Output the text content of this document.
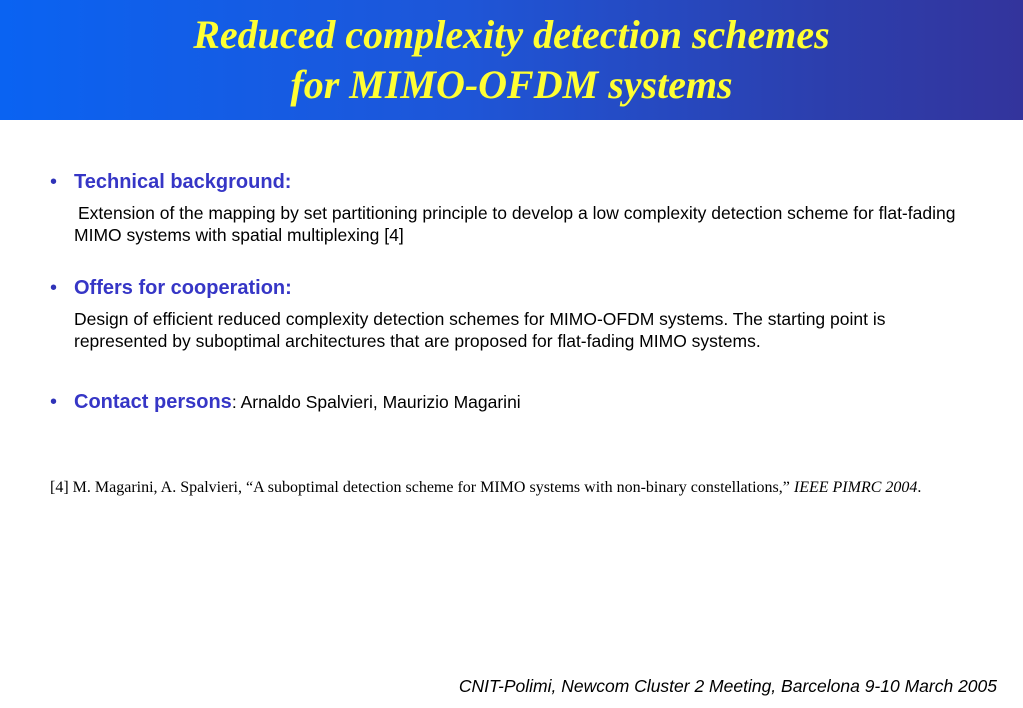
Reduced complexity detection schemes
for MIMO-OFDM systems
• Technical background:
Extension of the mapping by set partitioning principle to develop a low complexity detection scheme for flat-fading MIMO systems with spatial multiplexing [4]
• Offers for cooperation:
Design of efficient reduced complexity detection schemes for MIMO-OFDM systems. The starting point is represented by suboptimal architectures that are proposed for flat-fading MIMO systems.
• Contact persons: Arnaldo Spalvieri, Maurizio Magarini
[4] M. Magarini, A. Spalvieri, “A suboptimal detection scheme for MIMO systems with non-binary constellations,” IEEE PIMRC 2004.
CNIT-Polimi, Newcom Cluster 2 Meeting, Barcelona 9-10 March 2005
